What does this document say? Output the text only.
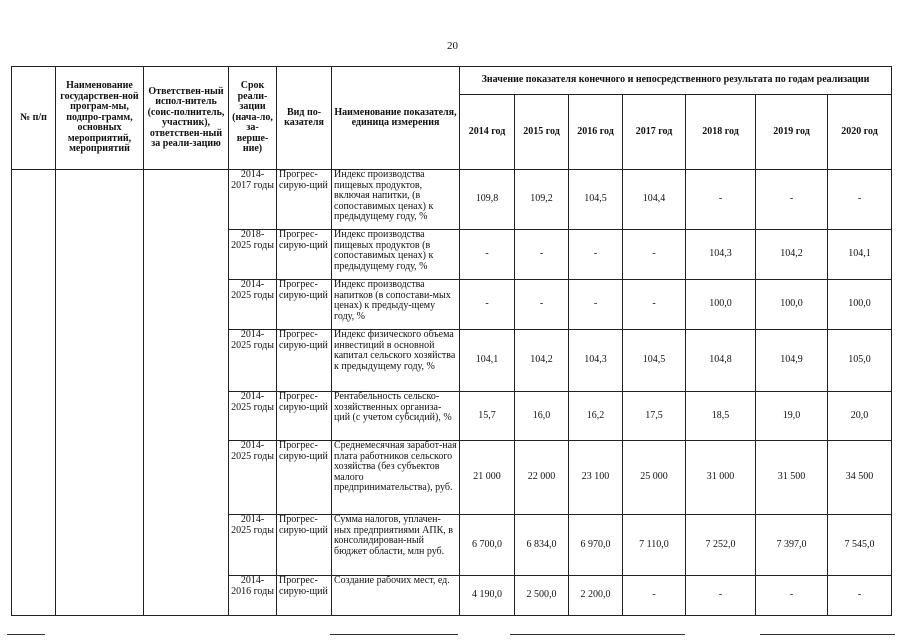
20
№ п/п	Наименование государствен-ной програм-мы, подпро-грамм, основных мероприятий, мероприятий	Ответствен-ный испол-нитель (соис-полнитель, участник), ответствен-ный за реали-зацию	Срок реали-зации (нача-ло, за-верше-ние)	Вид по-казателя	Наименование показателя, единица измерения	Значение показателя конечного и непосредственного результата по годам реализации						
						2014 год	2015 год	2016 год	2017 год	2018 год	2019 год	2020 год
			2014-2017 годы	Прогрес-сирую-щий	Индекс производства пищевых продуктов, включая напитки, (в сопоставимых ценах) к предыдущему году, %	109,8	109,2	104,5	104,4	-	-	-
			2018-2025 годы	Прогрес-сирую-щий	Индекс производства пищевых продуктов (в сопоставимых ценах) к предыдущему году, %	-	-	-	-	104,3	104,2	104,1
			2014-2025 годы	Прогрес-сирую-щий	Индекс производства напитков (в сопостави-мых ценах) к предыду-щему году, %	-	-	-	-	100,0	100,0	100,0
			2014-2025 годы	Прогрес-сирую-щий	Индекс физического объема инвестиций в основной капитал сельского хозяйства к предыдущему году, %	104,1	104,2	104,3	104,5	104,8	104,9	105,0
			2014-2025 годы	Прогрес-сирую-щий	Рентабельность сельско-хозяйственных организа-ций (с учетом субсидий), %	15,7	16,0	16,2	17,5	18,5	19,0	20,0
			2014-2025 годы	Прогрес-сирую-щий	Среднемесячная заработ-ная плата работников сельского хозяйства (без субъектов малого предпринимательства), руб.	21 000	22 000	23 100	25 000	31 000	31 500	34 500
			2014-2025 годы	Прогрес-сирую-щий	Сумма налогов, уплачен-ных предприятиями АПК, в консолидирован-ный бюджет области, млн руб.	6 700,0	6 834,0	6 970,0	7 110,0	7 252,0	7 397,0	7 545,0
			2014-2016 годы	Прогрес-сирую-щий	Создание рабочих мест, ед.	4 190,0	2 500,0	2 200,0	-	-	-	-
